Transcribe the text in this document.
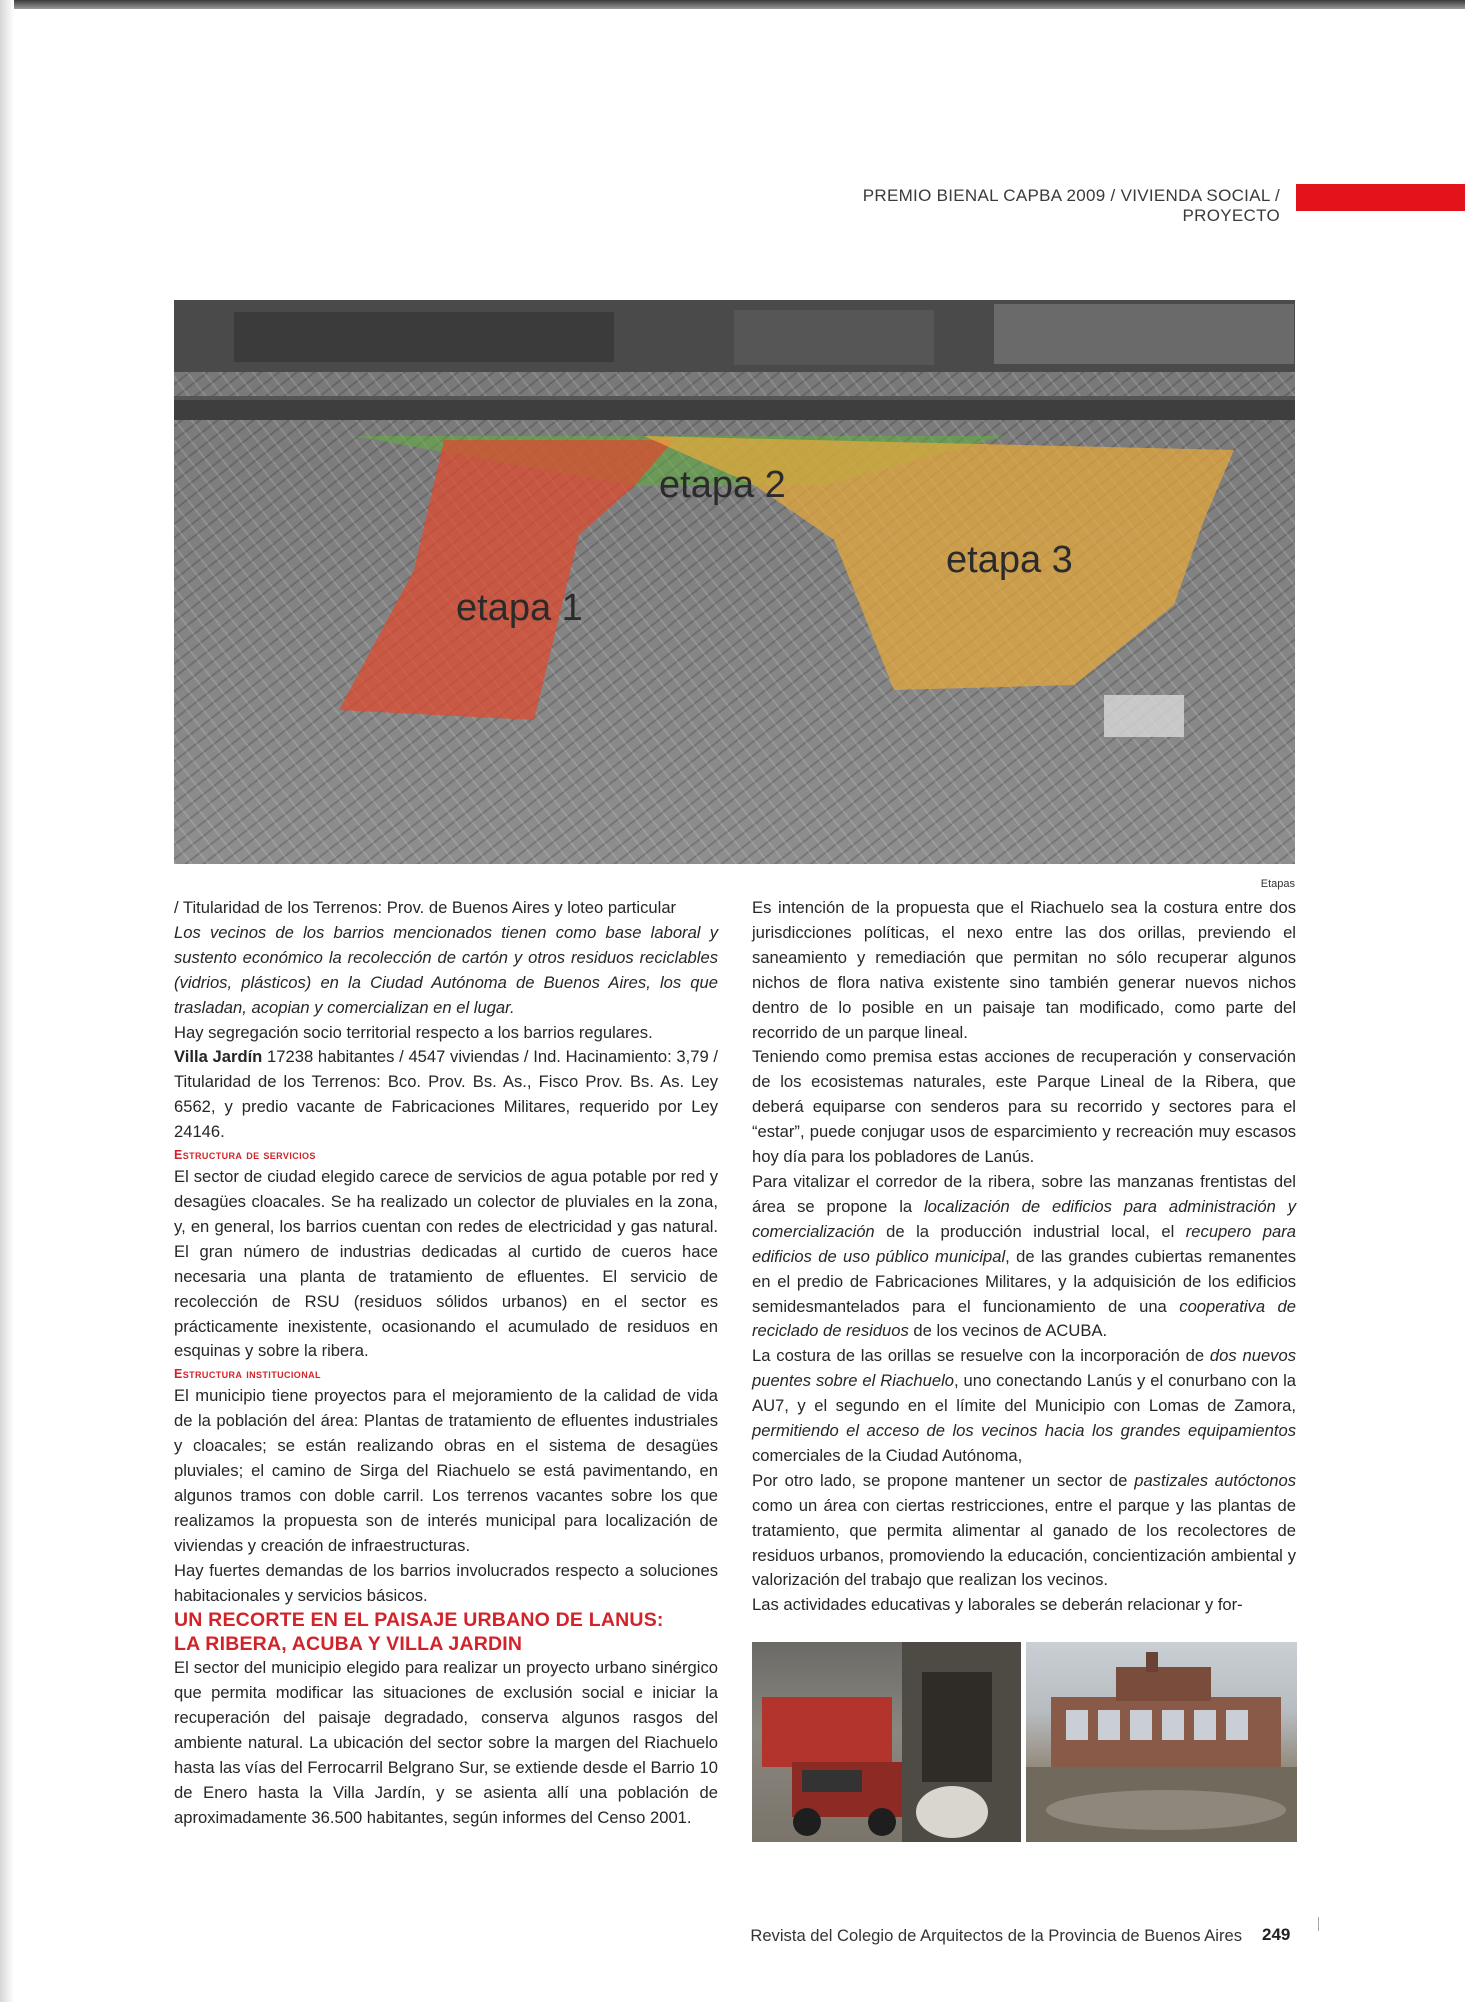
PREMIO BIENAL CAPBA 2009 / VIVIENDA SOCIAL / PROYECTO
etapa 1
etapa 2
etapa 3
Etapas

/ Titularidad de los Terrenos: Prov. de Buenos Aires y loteo particular

Los vecinos de los barrios mencionados tienen como base laboral y sustento económico la recolección de cartón y otros residuos reciclables (vidrios, plásticos) en la Ciudad Autónoma de Buenos Aires, los que trasladan, acopian y comercializan en el lugar.

Hay segregación socio territorial respecto a los barrios regulares.

Villa Jardín 17238 habitantes / 4547 viviendas / Ind. Hacinamiento: 3,79 / Titularidad de los Terrenos: Bco. Prov. Bs. As., Fisco Prov. Bs. As. Ley 6562, y predio vacante de Fabricaciones Militares, requerido por Ley 24146.

Estructura de servicios

El sector de ciudad elegido carece de servicios de agua potable por red y desagües cloacales. Se ha realizado un colector de pluviales en la zona, y, en general, los barrios cuentan con redes de electricidad y gas natural. El gran número de industrias dedicadas al curtido de cueros hace necesaria una planta de tratamiento de efluentes. El servicio de recolección de RSU (residuos sólidos urbanos) en el sector es prácticamente inexistente, ocasionando el acumulado de residuos en esquinas y sobre la ribera.

Estructura institucional

El municipio tiene proyectos para el mejoramiento de la calidad de vida de la población del área: Plantas de tratamiento de efluentes industriales y cloacales; se están realizando obras en el sistema de desagües pluviales; el camino de Sirga del Riachuelo se está pavimentando, en algunos tramos con doble carril. Los terrenos vacantes sobre los que realizamos la propuesta son de interés municipal para localización de viviendas y creación de infraestructuras.

Hay fuertes demandas de los barrios involucrados respecto a soluciones habitacionales y servicios básicos.

UN RECORTE EN EL PAISAJE URBANO DE LANUS:
LA RIBERA, ACUBA Y VILLA JARDIN

El sector del municipio elegido para realizar un proyecto urbano sinérgico que permita modificar las situaciones de exclusión social e iniciar la recuperación del paisaje degradado, conserva algunos rasgos del ambiente natural. La ubicación del sector sobre la margen del Riachuelo hasta las vías del Ferrocarril Belgrano Sur, se extiende desde el Barrio 10 de Enero hasta la Villa Jardín, y se asienta allí una población de aproximadamente 36.500 habitantes, según informes del Censo 2001.

Es intención de la propuesta que el Riachuelo sea la costura entre dos jurisdicciones políticas, el nexo entre las dos orillas, previendo el saneamiento y remediación que permitan no sólo recuperar algunos nichos de flora nativa existente sino también generar nuevos nichos dentro de lo posible en un paisaje tan modificado, como parte del recorrido de un parque lineal.

Teniendo como premisa estas acciones de recuperación y conservación de los ecosistemas naturales, este Parque Lineal de la Ribera, que deberá equiparse con senderos para su recorrido y sectores para el “estar”, puede conjugar usos de esparcimiento y recreación muy escasos hoy día para los pobladores de Lanús.

Para vitalizar el corredor de la ribera, sobre las manzanas frentistas del área se propone la localización de edificios para administración y comercialización de la producción industrial local, el recupero para edificios de uso público municipal, de las grandes cubiertas remanentes en el predio de Fabricaciones Militares, y la adquisición de los edificios semidesmantelados para el funcionamiento de una cooperativa de reciclado de residuos de los vecinos de ACUBA.

La costura de las orillas se resuelve con la incorporación de dos nuevos puentes sobre el Riachuelo, uno conectando Lanús y el conurbano con la AU7, y el segundo en el límite del Municipio con Lomas de Zamora, permitiendo el acceso de los vecinos hacia los grandes equipamientos comerciales de la Ciudad Autónoma,

Por otro lado, se propone mantener un sector de pastizales autóctonos como un área con ciertas restricciones, entre el parque y las plantas de tratamiento, que permita alimentar al ganado de los recolectores de residuos urbanos, promoviendo la educación, concientización ambiental y valorización del trabajo que realizan los vecinos.

Las actividades educativas y laborales se deberán relacionar y for-

Revista del Colegio de Arquitectos de la Provincia de Buenos Aires 249
